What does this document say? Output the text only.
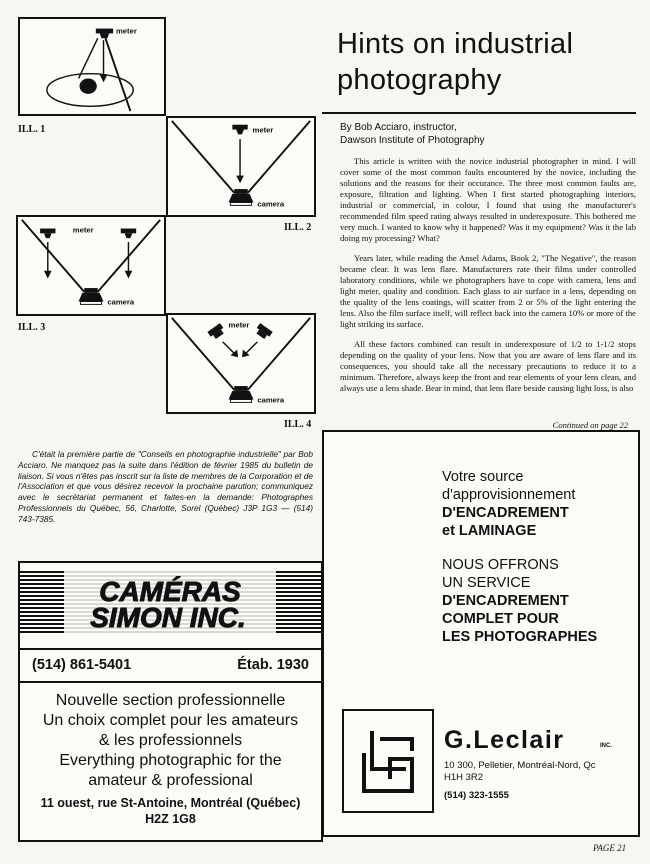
meter
ILL. 1	meter
camera
ILL. 2
meter
camera
ILL. 3	meter
camera
ILL. 4
Hints on industrial photography
By Bob Acciaro, instructor,
Dawson Institute of Photography

This article is written with the novice industrial photographer in mind. I will cover some of the most common faults encountered by the novice, including the solutions and the reasons for their occurance. The three most common faults are, exposure, filtration and lighting. When I first started photographing interiors, industrial or commercial, in colour, I found that using the manufacturer's recommended film speed rating always resulted in underexposure. This bothered me very much. I wanted to know why it happened? Was it my equipment? Was it the lab doing my processing? What?

Years later, while reading the Ansel Adams, Book 2, "The Negative", the reason became clear. It was lens flare. Manufacturers rate their films under controlled laboratory conditions, while we photographers have to cope with camera, lens and light meter, quality and condition. Each glass to air surface in a lens, depending on the quality of the lens coatings, will scatter from 2 or 5% of the light entering the lens. Also the film surface itself, will reflect back into the camera 10% or more of the light striking its surface.

All these factors combined can result in underexposure of 1/2 to 1-1/2 stops depending on the quality of your lens. Now that you are aware of lens flare and its consequences, you should take all the necessary precautions to reduce it to a minimum. Therefore, always keep the front and rear elements of your lens clean, and always use a lens shade. Bear in mind, that lens flare beside causing light loss, is also

Continued on page 22
C'était la première partie de "Conseils en photographie industrielle" par Bob Acciaro. Ne manquez pas la suite dans l'édition de février 1985 du bulletin de liaison. Si vous n'êtes pas inscrit sur la liste de membres de la Corporation et de l'Association et que vous désirez recevoir la prochaine parution; communiquez avec le secrétariat permanent et faites-en la demande: Photographes Professionnels du Québec, 56, Charlotte, Sorel (Québec) J3P 1G3 — (514) 743-7385.
CAMÉRAS
SIMON INC.
(514) 861-5401	Étab. 1930
Nouvelle section professionnelle
Un choix complet pour les amateurs
& les professionnels
Everything photographic for the
amateur & professional
11 ouest, rue St-Antoine, Montréal (Québec)
H2Z 1G8
Votre source
d'approvisionnement
D'ENCADREMENT
et LAMINAGE
NOUS OFFRONS
UN SERVICE
D'ENCADREMENT
COMPLET POUR
LES PHOTOGRAPHES
G.Leclair	INC.
10 300, Pelletier, Montréal-Nord, Qc
H1H 3R2
(514) 323-1555
PAGE 21
